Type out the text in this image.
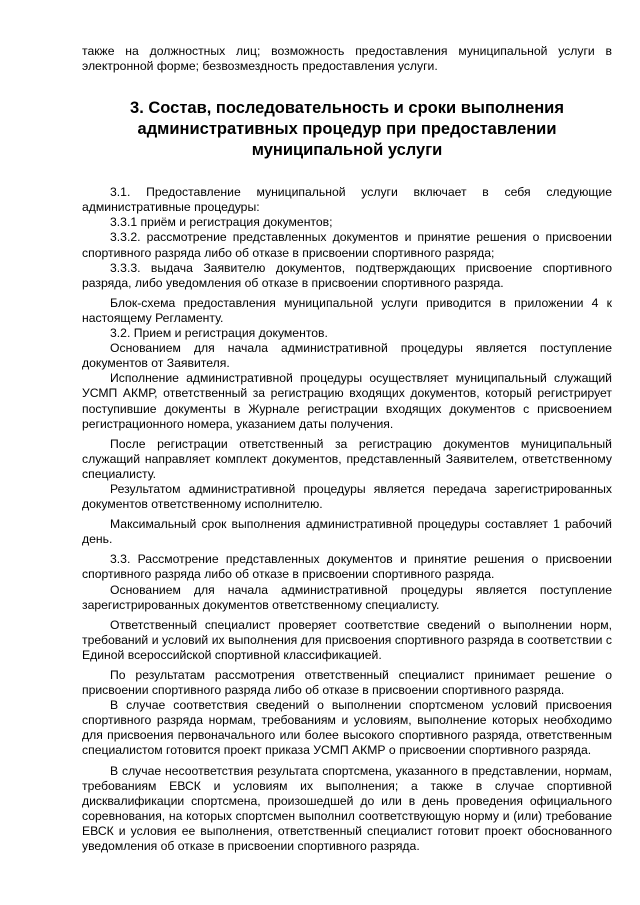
также на должностных лиц; возможность предоставления муниципальной услуги в электронной форме; безвозмездность предоставления услуги.

3. Состав, последовательность и сроки выполнения административных процедур при предоставлении муниципальной услуги

3.1. Предоставление муниципальной услуги включает в себя следующие административные процедуры:

3.3.1 приём и регистрация документов;

3.3.2. рассмотрение представленных документов и принятие решения о присвоении спортивного разряда либо об отказе в присвоении спортивного разряда;

3.3.3. выдача Заявителю документов, подтверждающих присвоение спортивного разряда, либо уведомления об отказе в присвоении спортивного разряда.

Блок-схема предоставления муниципальной услуги приводится в приложении 4 к настоящему Регламенту.

3.2. Прием и регистрация документов.

Основанием для начала административной процедуры является поступление документов от Заявителя.

Исполнение административной процедуры осуществляет муниципальный служащий УСМП АКМР, ответственный за регистрацию входящих документов, который регистрирует поступившие документы в Журнале регистрации входящих документов с присвоением регистрационного номера, указанием даты получения.

После регистрации ответственный за регистрацию документов муниципальный служащий направляет комплект документов, представленный Заявителем, ответственному специалисту.

Результатом административной процедуры является передача зарегистрированных документов ответственному исполнителю.

Максимальный срок выполнения административной процедуры составляет 1 рабочий день.

3.3. Рассмотрение представленных документов и принятие решения о присвоении спортивного разряда либо об отказе в присвоении спортивного разряда.

Основанием для начала административной процедуры является поступление зарегистрированных документов ответственному специалисту.

Ответственный специалист проверяет соответствие сведений о выполнении норм, требований и условий их выполнения для присвоения спортивного разряда в соответствии с Единой всероссийской спортивной классификацией.

По результатам рассмотрения ответственный специалист принимает решение о присвоении спортивного разряда либо об отказе в присвоении спортивного разряда.

В случае соответствия сведений о выполнении спортсменом условий присвоения спортивного разряда нормам, требованиям и условиям, выполнение которых необходимо для присвоения первоначального или более высокого спортивного разряда, ответственным специалистом готовится проект приказа УСМП АКМР о присвоении спортивного разряда.

В случае несоответствия результата спортсмена, указанного в представлении, нормам, требованиям ЕВСК и условиям их выполнения; а также в случае спортивной дисквалификации спортсмена, произошедшей до или в день проведения официального соревнования, на которых спортсмен выполнил соответствующую норму и (или) требование ЕВСК и условия ее выполнения, ответственный специалист готовит проект обоснованного уведомления об отказе в присвоении спортивного разряда.
